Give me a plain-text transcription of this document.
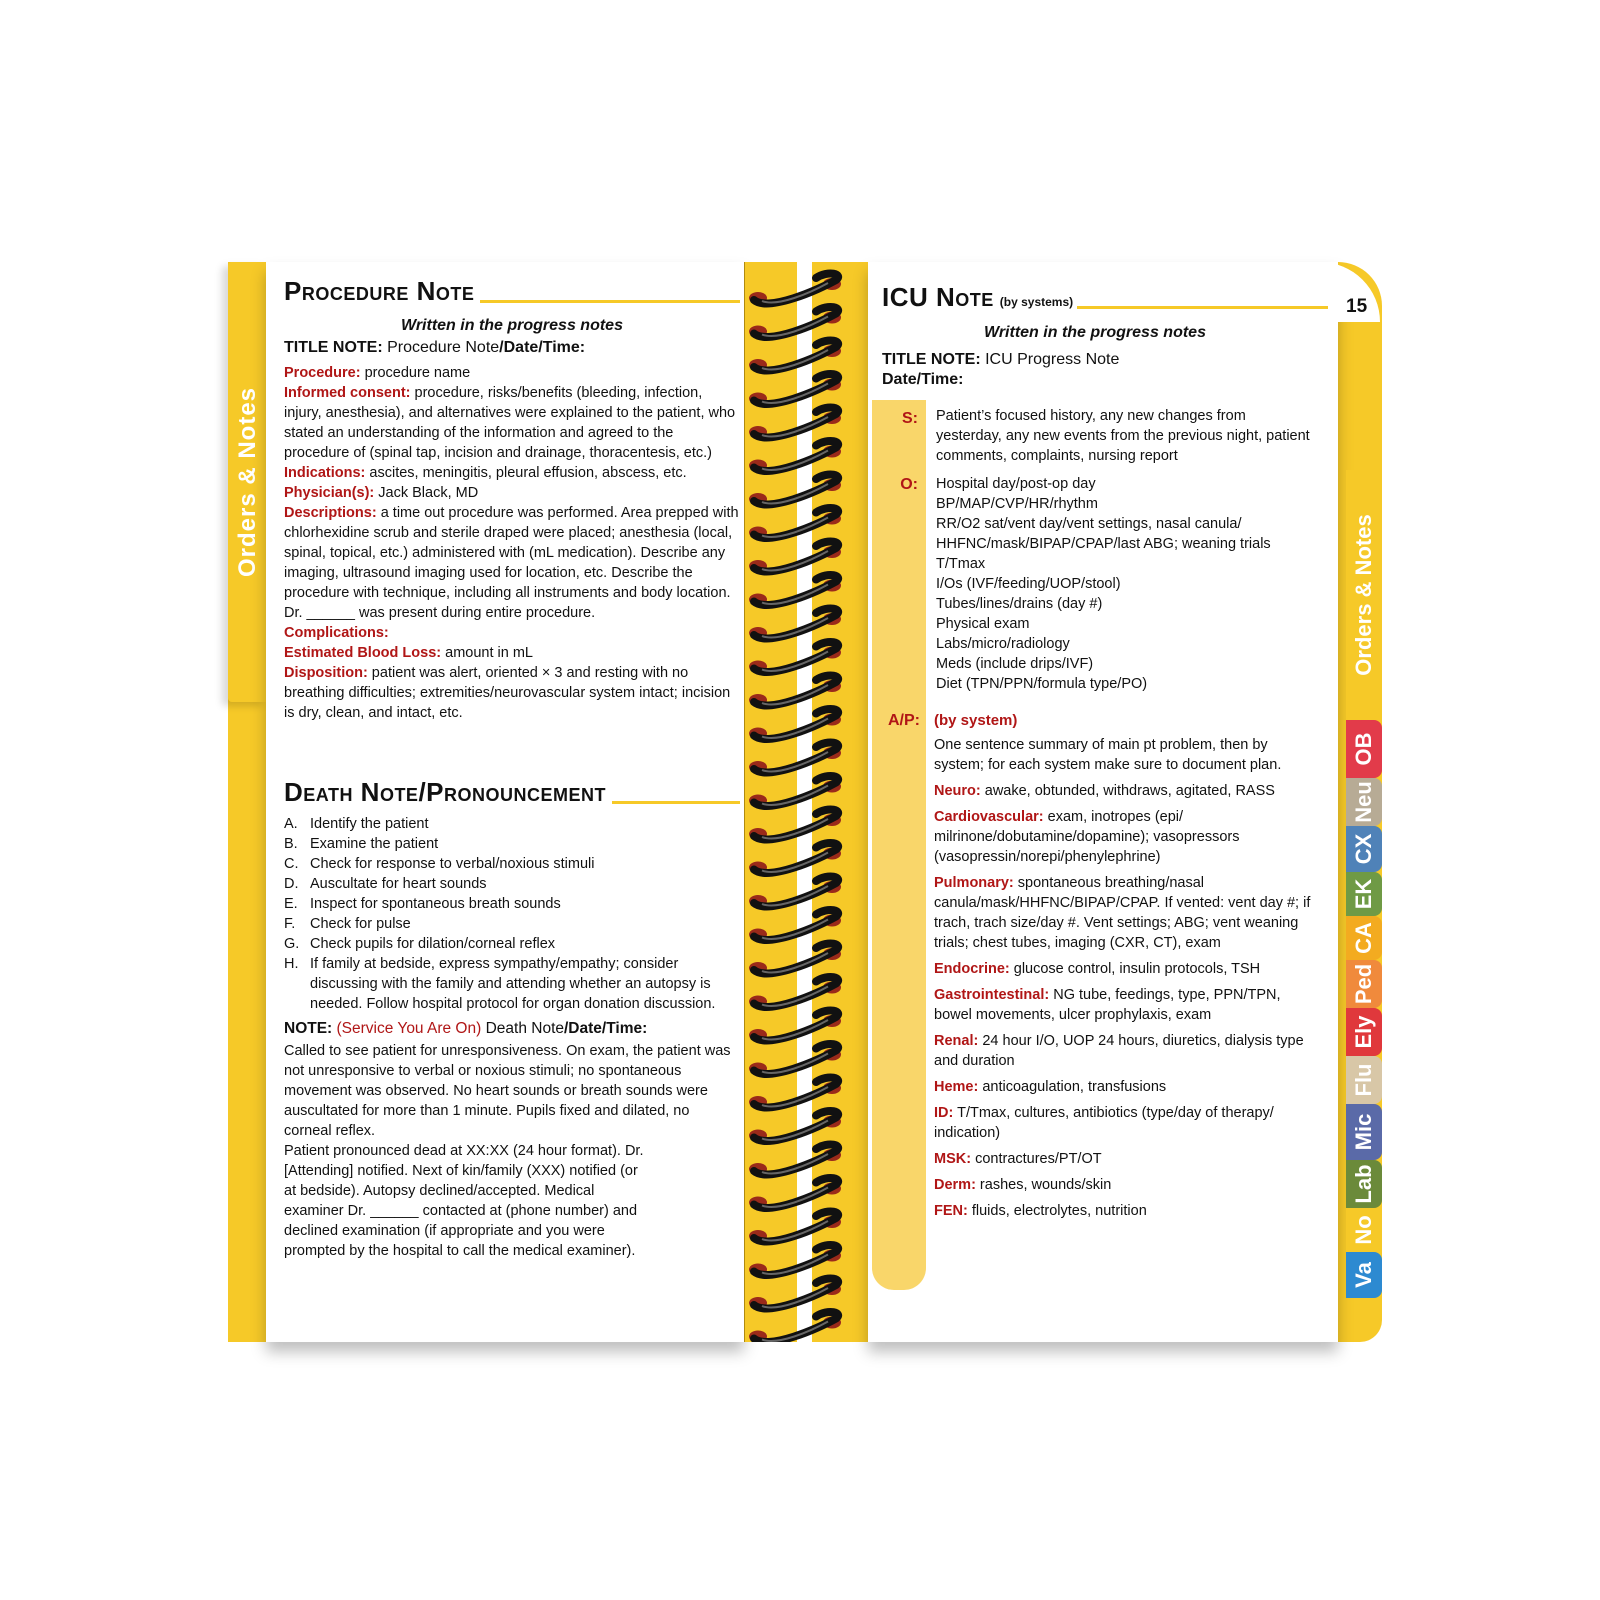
Orders & Notes
15
Orders & Notes
OB
Neu
CX
EK
CA
Ped
Ely
Flu
Mic
Lab
No
Va
Procedure Note
Written in the progress notes
TITLE NOTE: Procedure Note/Date/Time:
Procedure: procedure name
Informed consent: procedure, risks/benefits (bleeding, infection, injury, anesthesia), and alternatives were explained to the patient, who stated an understanding of the information and agreed to the procedure of (spinal tap, incision and drainage, thoracentesis, etc.)
Indications: ascites, meningitis, pleural effusion, abscess, etc.
Physician(s): Jack Black, MD
Descriptions: a time out procedure was performed. Area prepped with chlorhexidine scrub and sterile draped were placed; anesthesia (local, spinal, topical, etc.) administered with (mL medication). Describe any imaging, ultrasound imaging used for location, etc. Describe the procedure with technique, including all instruments and body location. Dr. ______ was present during entire procedure.
Complications:
Estimated Blood Loss: amount in mL
Disposition: patient was alert, oriented × 3 and resting with no breathing difficulties; extremities/neurovascular system intact; incision is dry, clean, and intact, etc.
Death Note/Pronouncement
A. Identify the patient
B. Examine the patient
C. Check for response to verbal/noxious stimuli
D. Auscultate for heart sounds
E. Inspect for spontaneous breath sounds
F.	Check for pulse
G. Check pupils for dilation/corneal reflex
H. If family at bedside, express sympathy/empathy; consider discussing with the family and attending whether an autopsy is needed. Follow hospital protocol for organ donation discussion.
NOTE: (Service You Are On) Death Note/Date/Time:
Called to see patient for unresponsiveness. On exam, the patient was not unresponsive to verbal or noxious stimuli; no spontaneous movement was observed. No heart sounds or breath sounds were auscultated for more than 1 minute. Pupils fixed and dilated, no corneal reflex.
Patient pronounced dead at XX:XX (24 hour format). Dr. [Attending] notified. Next of kin/family (XXX) notified (or at bedside). Autopsy declined/accepted. Medical examiner Dr. ______ contacted at (phone number) and declined examination (if appropriate and you were prompted by the hospital to call the medical examiner).
ICU Note (by systems)
Written in the progress notes
TITLE NOTE: ICU Progress Note
Date/Time:
S: Patient’s focused history, any new changes from yesterday, any new events from the previous night, patient comments, complaints, nursing report
O: Hospital day/post-op day
BP/MAP/CVP/HR/rhythm
RR/O2 sat/vent day/vent settings, nasal canula/ HHFNC/mask/BIPAP/CPAP/last ABG; weaning trials
T/Tmax
I/Os (IVF/feeding/UOP/stool)
Tubes/lines/drains (day #)
Physical exam
Labs/micro/radiology
Meds (include drips/IVF)
Diet (TPN/PPN/formula type/PO)
A/P: (by system)
One sentence summary of main pt problem, then by system; for each system make sure to document plan.
Neuro: awake, obtunded, withdraws, agitated, RASS
Cardiovascular: exam, inotropes (epi/ milrinone/dobutamine/dopamine); vasopressors (vasopressin/norepi/phenylephrine)
Pulmonary: spontaneous breathing/nasal canula/mask/HHFNC/BIPAP/CPAP. If vented: vent day #; if trach, trach size/day #. Vent settings; ABG; vent weaning trials; chest tubes, imaging (CXR, CT), exam
Endocrine: glucose control, insulin protocols, TSH
Gastrointestinal: NG tube, feedings, type, PPN/TPN, bowel movements, ulcer prophylaxis, exam
Renal: 24 hour I/O, UOP 24 hours, diuretics, dialysis type and duration
Heme: anticoagulation, transfusions
ID: T/Tmax, cultures, antibiotics (type/day of therapy/ indication)
MSK: contractures/PT/OT
Derm: rashes, wounds/skin
FEN: fluids, electrolytes, nutrition
